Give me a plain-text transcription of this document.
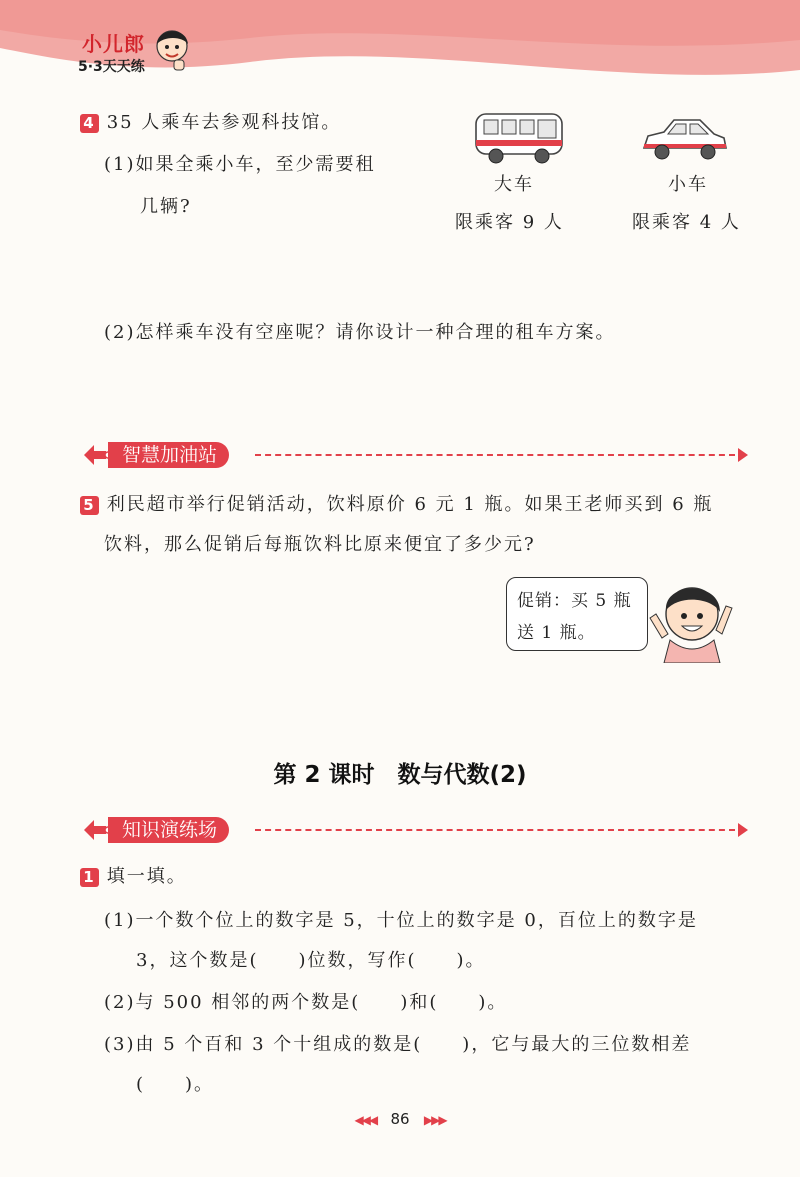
小儿郎
5·3天天练
4 35 人乘车去参观科技馆。
(1)如果全乘小车，至少需要租
几辆?
(2)怎样乘车没有空座呢？请你设计一种合理的租车方案。
大车
限乘客 9 人
小车
限乘客 4 人
智慧加油站
5 利民超市举行促销活动，饮料原价 6 元 1 瓶。如果王老师买到 6 瓶
饮料，那么促销后每瓶饮料比原来便宜了多少元?
促销：买 5 瓶
送 1 瓶。
第 2 课时　数与代数(2)
知识演练场
1 填一填。
(1)一个数个位上的数字是 5，十位上的数字是 0，百位上的数字是
3，这个数是(　　)位数，写作(　　)。
(2)与 500 相邻的两个数是(　　)和(　　)。
(3)由 5 个百和 3 个十组成的数是(　　)，它与最大的三位数相差
(　　)。
◀◀◀ 86 ▶▶▶
